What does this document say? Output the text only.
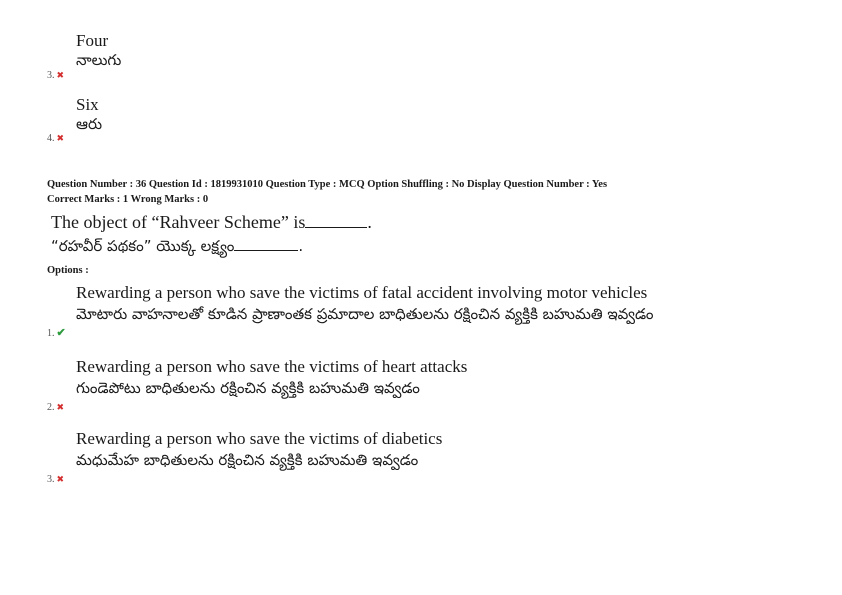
Four
3. ✖
నాలుగు
Six
4. ✖
ఆరు
Question Number : 36 Question Id : 1819931010 Question Type : MCQ Option Shuffling : No Display Question Number : Yes
Correct Marks : 1 Wrong Marks : 0
The object of “Rahveer Scheme” is	.
“రహవీర్ పథకం” యొక్క లక్ష్యం	.
Options :
Rewarding a person who save the victims of fatal accident involving motor vehicles
మోటారు వాహనాలతో కూడిన ప్రాణాంతక ప్రమాదాల బాధితులను రక్షించిన వ్యక్తికి బహుమతి ఇవ్వడం
1. ✔
Rewarding a person who save the victims of heart attacks
గుండెపోటు బాధితులను రక్షించిన వ్యక్తికి బహుమతి ఇవ్వడం
2. ✖
Rewarding a person who save the victims of diabetics
మధుమేహ బాధితులను రక్షించిన వ్యక్తికి బహుమతి ఇవ్వడం
3. ✖
